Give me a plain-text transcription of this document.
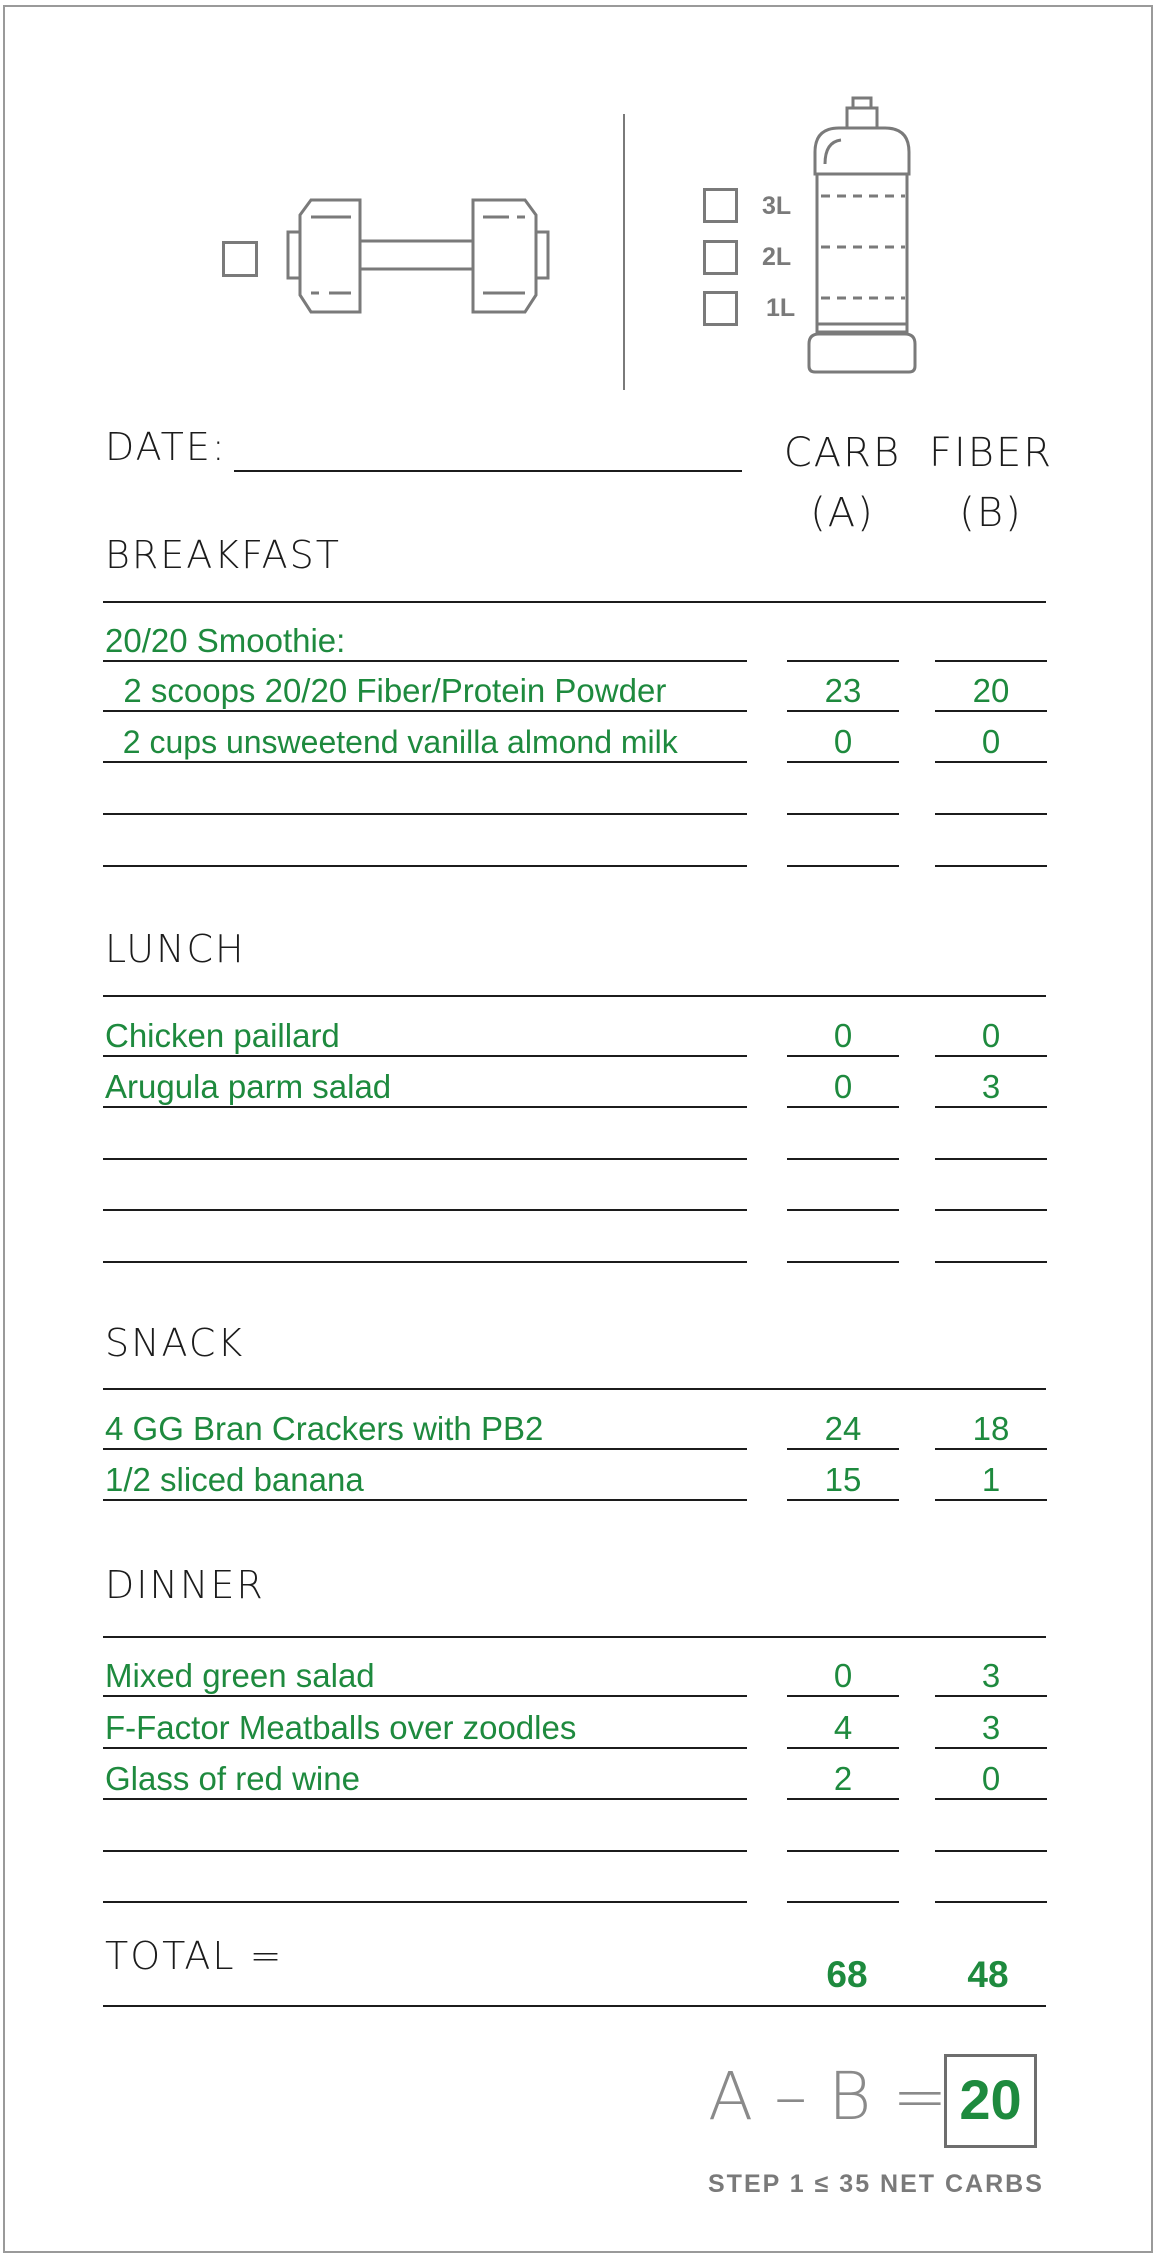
3L
2L
1L
DATE:	CARB
(A)
FIBER
(B)
BREAKFAST
20/20 Smoothie:
2 scoops 20/20 Fiber/Protein Powder	23	20
2 cups unsweetend vanilla almond milk	0	0
LUNCH
Chicken paillard	0	0
Arugula parm salad	0	3
SNACK
4 GG Bran Crackers with PB2	24	18
1/2 sliced banana	15	1
DINNER
Mixed green salad	0	3
F-Factor Meatballs over zoodles	4	3
Glass of red wine	2	0
TOTAL =	68	48
A – B = 20
STEP 1 ≤ 35 NET CARBS
